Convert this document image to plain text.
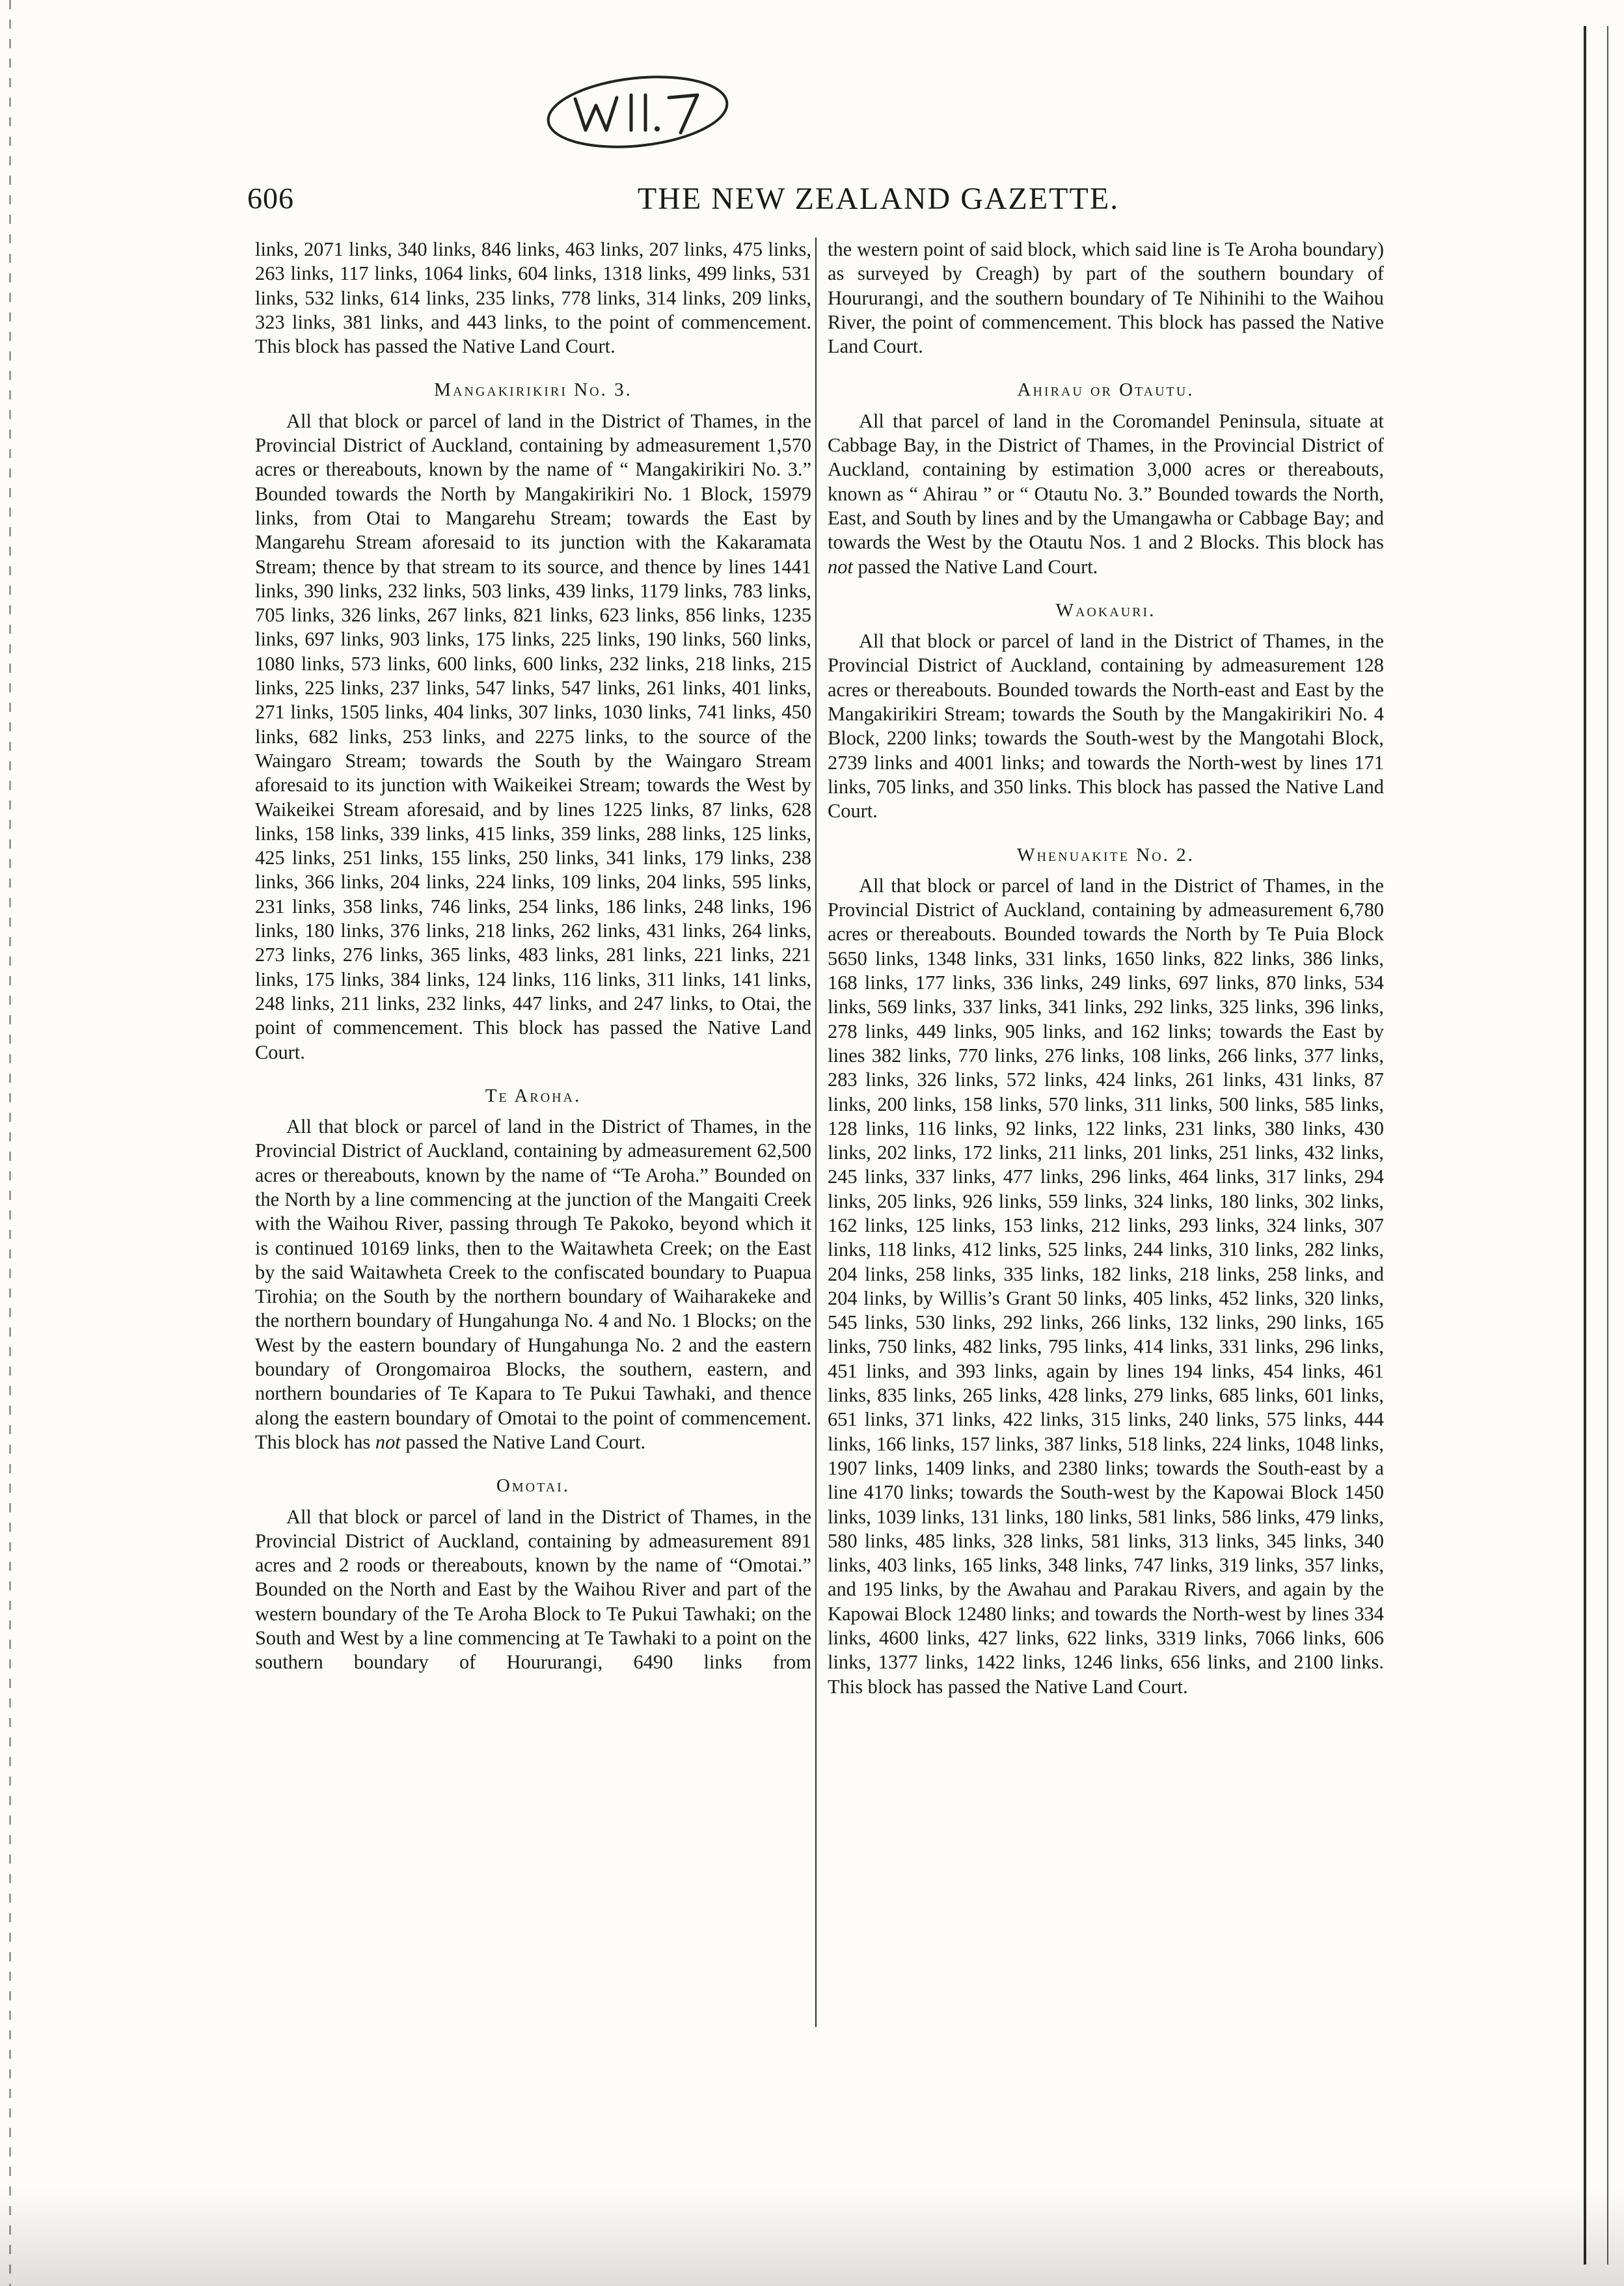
606	THE NEW ZEALAND GAZETTE.

links, 2071 links, 340 links, 846 links, 463 links, 207 links, 475 links, 263 links, 117 links, 1064 links, 604 links, 1318 links, 499 links, 531 links, 532 links, 614 links, 235 links, 778 links, 314 links, 209 links, 323 links, 381 links, and 443 links, to the point of commencement. This block has passed the Native Land Court.

Mangakirikiri No. 3.

All that block or parcel of land in the District of Thames, in the Provincial District of Auckland, containing by admeasurement 1,570 acres or thereabouts, known by the name of “ Mangakirikiri No. 3.” Bounded towards the North by Mangakirikiri No. 1 Block, 15979 links, from Otai to Mangarehu Stream; towards the East by Mangarehu Stream aforesaid to its junction with the Kakaramata Stream; thence by that stream to its source, and thence by lines 1441 links, 390 links, 232 links, 503 links, 439 links, 1179 links, 783 links, 705 links, 326 links, 267 links, 821 links, 623 links, 856 links, 1235 links, 697 links, 903 links, 175 links, 225 links, 190 links, 560 links, 1080 links, 573 links, 600 links, 600 links, 232 links, 218 links, 215 links, 225 links, 237 links, 547 links, 547 links, 261 links, 401 links, 271 links, 1505 links, 404 links, 307 links, 1030 links, 741 links, 450 links, 682 links, 253 links, and 2275 links, to the source of the Waingaro Stream; towards the South by the Waingaro Stream aforesaid to its junction with Waikeikei Stream; towards the West by Waikeikei Stream aforesaid, and by lines 1225 links, 87 links, 628 links, 158 links, 339 links, 415 links, 359 links, 288 links, 125 links, 425 links, 251 links, 155 links, 250 links, 341 links, 179 links, 238 links, 366 links, 204 links, 224 links, 109 links, 204 links, 595 links, 231 links, 358 links, 746 links, 254 links, 186 links, 248 links, 196 links, 180 links, 376 links, 218 links, 262 links, 431 links, 264 links, 273 links, 276 links, 365 links, 483 links, 281 links, 221 links, 221 links, 175 links, 384 links, 124 links, 116 links, 311 links, 141 links, 248 links, 211 links, 232 links, 447 links, and 247 links, to Otai, the point of commencement. This block has passed the Native Land Court.

Te Aroha.

All that block or parcel of land in the District of Thames, in the Provincial District of Auckland, containing by admeasurement 62,500 acres or thereabouts, known by the name of “Te Aroha.” Bounded on the North by a line commencing at the junction of the Mangaiti Creek with the Waihou River, passing through Te Pakoko, beyond which it is continued 10169 links, then to the Waitawheta Creek; on the East by the said Waitawheta Creek to the confiscated boundary to Puapua Tirohia; on the South by the northern boundary of Waiharakeke and the northern boundary of Hungahunga No. 4 and No. 1 Blocks; on the West by the eastern boundary of Hungahunga No. 2 and the eastern boundary of Orongomairoa Blocks, the southern, eastern, and northern boundaries of Te Kapara to Te Pukui Tawhaki, and thence along the eastern boundary of Omotai to the point of commencement. This block has not passed the Native Land Court.

Omotai.

All that block or parcel of land in the District of Thames, in the Provincial District of Auckland, containing by admeasurement 891 acres and 2 roods or thereabouts, known by the name of “Omotai.” Bounded on the North and East by the Waihou River and part of the western boundary of the Te Aroha Block to Te Pukui Tawhaki; on the South and West by a line commencing at Te Tawhaki to a point on the southern boundary of Hoururangi, 6490 links from

the western point of said block, which said line is Te Aroha boundary) as surveyed by Creagh) by part of the southern boundary of Hoururangi, and the southern boundary of Te Nihinihi to the Waihou River, the point of commencement. This block has passed the Native Land Court.

Ahirau or Otautu.

All that parcel of land in the Coromandel Peninsula, situate at Cabbage Bay, in the District of Thames, in the Provincial District of Auckland, containing by estimation 3,000 acres or thereabouts, known as “ Ahirau ” or “ Otautu No. 3.” Bounded towards the North, East, and South by lines and by the Umangawha or Cabbage Bay; and towards the West by the Otautu Nos. 1 and 2 Blocks. This block has not passed the Native Land Court.

Waokauri.

All that block or parcel of land in the District of Thames, in the Provincial District of Auckland, containing by admeasurement 128 acres or thereabouts. Bounded towards the North-east and East by the Mangakirikiri Stream; towards the South by the Mangakirikiri No. 4 Block, 2200 links; towards the South-west by the Mangotahi Block, 2739 links and 4001 links; and towards the North-west by lines 171 links, 705 links, and 350 links. This block has passed the Native Land Court.

Whenuakite No. 2.

All that block or parcel of land in the District of Thames, in the Provincial District of Auckland, containing by admeasurement 6,780 acres or thereabouts. Bounded towards the North by Te Puia Block 5650 links, 1348 links, 331 links, 1650 links, 822 links, 386 links, 168 links, 177 links, 336 links, 249 links, 697 links, 870 links, 534 links, 569 links, 337 links, 341 links, 292 links, 325 links, 396 links, 278 links, 449 links, 905 links, and 162 links; towards the East by lines 382 links, 770 links, 276 links, 108 links, 266 links, 377 links, 283 links, 326 links, 572 links, 424 links, 261 links, 431 links, 87 links, 200 links, 158 links, 570 links, 311 links, 500 links, 585 links, 128 links, 116 links, 92 links, 122 links, 231 links, 380 links, 430 links, 202 links, 172 links, 211 links, 201 links, 251 links, 432 links, 245 links, 337 links, 477 links, 296 links, 464 links, 317 links, 294 links, 205 links, 926 links, 559 links, 324 links, 180 links, 302 links, 162 links, 125 links, 153 links, 212 links, 293 links, 324 links, 307 links, 118 links, 412 links, 525 links, 244 links, 310 links, 282 links, 204 links, 258 links, 335 links, 182 links, 218 links, 258 links, and 204 links, by Willis’s Grant 50 links, 405 links, 452 links, 320 links, 545 links, 530 links, 292 links, 266 links, 132 links, 290 links, 165 links, 750 links, 482 links, 795 links, 414 links, 331 links, 296 links, 451 links, and 393 links, again by lines 194 links, 454 links, 461 links, 835 links, 265 links, 428 links, 279 links, 685 links, 601 links, 651 links, 371 links, 422 links, 315 links, 240 links, 575 links, 444 links, 166 links, 157 links, 387 links, 518 links, 224 links, 1048 links, 1907 links, 1409 links, and 2380 links; towards the South-east by a line 4170 links; towards the South-west by the Kapowai Block 1450 links, 1039 links, 131 links, 180 links, 581 links, 586 links, 479 links, 580 links, 485 links, 328 links, 581 links, 313 links, 345 links, 340 links, 403 links, 165 links, 348 links, 747 links, 319 links, 357 links, and 195 links, by the Awahau and Parakau Rivers, and again by the Kapowai Block 12480 links; and towards the North-west by lines 334 links, 4600 links, 427 links, 622 links, 3319 links, 7066 links, 606 links, 1377 links, 1422 links, 1246 links, 656 links, and 2100 links. This block has passed the Native Land Court.
